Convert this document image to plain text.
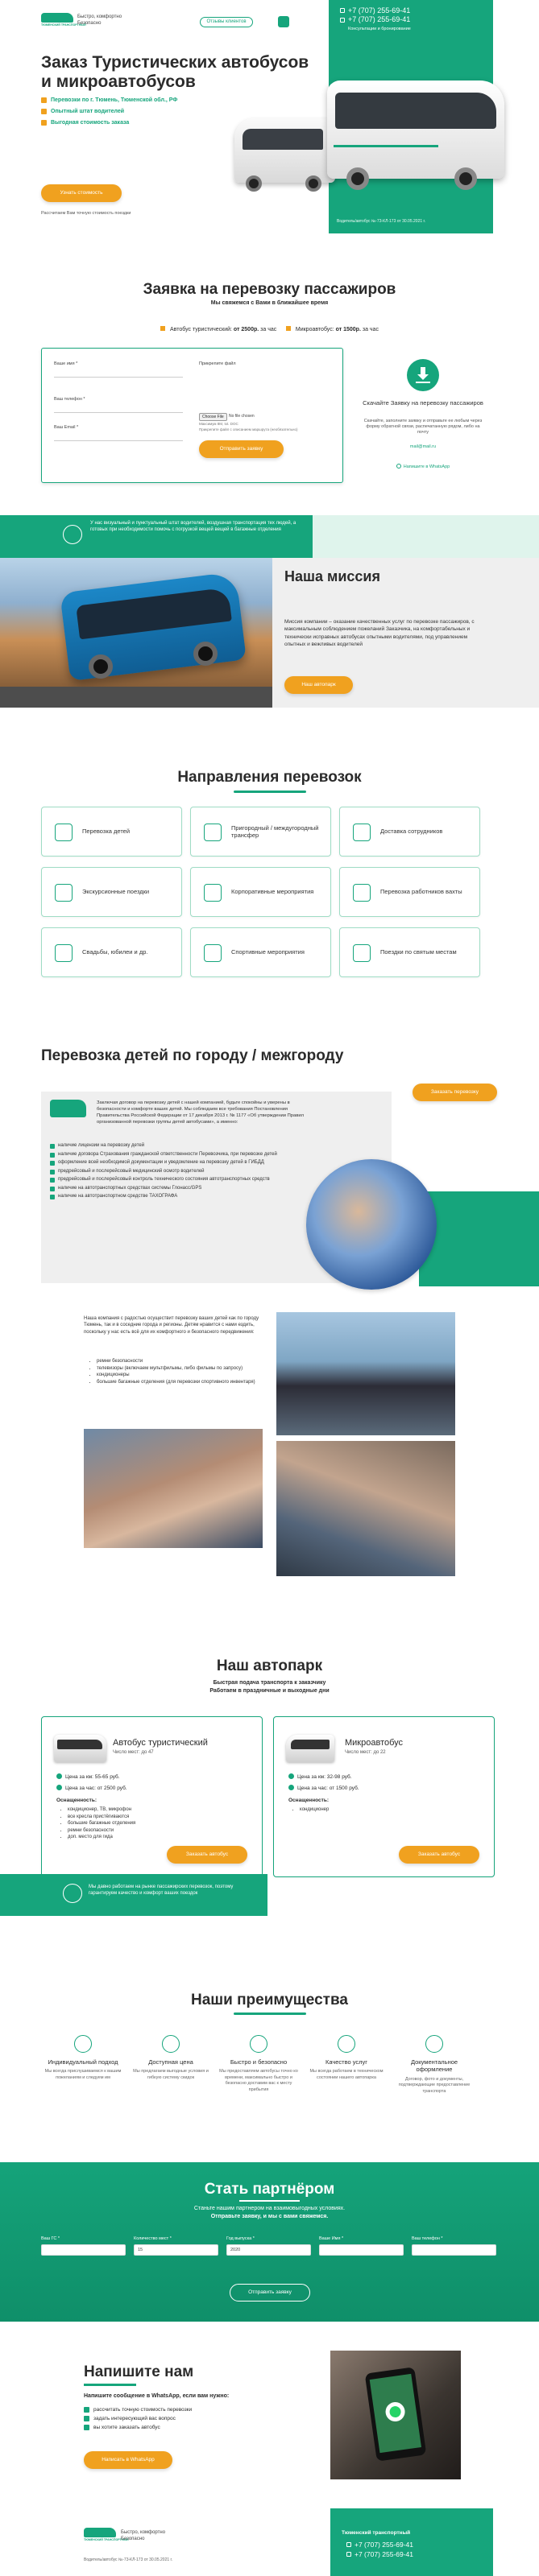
ТЮМЕНСКИЙ ТРАНСПОРТНЫЙ
Быстро, комфортно
Безопасно	Отзывы клиентов
+7 (707) 255-69-41
+7 (707) 255-69-41
Консультации и бронирование
Заказ Туристических автобусов и микроавтобусов
Перевозки по г. Тюмень, Тюменской обл., РФ
Опытный штат водителей
Выгодная стоимость заказа
Узнать стоимость
Рассчитаем Вам точную стоимость поездки
Водитель/автобус №-73-КЛ-173 от 30.05.2021 г.
Заявка на перевозку пассажиров
Мы свяжемся с Вами в ближайшее время
Автобус туристический: от 2500р. за час	Микроавтобус: от 1500р. за час
Ваше имя *
Ваш телефон *
Ваш Email *
Прикрепите файл
Choose File	No file chosen
Максимум 8М, txt. DOC
Прикрепите файл с описанием маршрута (необязательно)
Отправить заявку
Скачайте Заявку на перевозку пассажиров
Скачайте, заполните заявку и отправьте ее любым через форму обратной связи, распечатанную рядом, либо на почту
mail@mail.ru
Напишите в WhatsApp
У нас визуальный и пунктуальный штат водителей, воздушная транспортация тех людей, а готовых при необходимости помочь с погрузкой вещей вещей в багажные отделения
Наша миссия
Миссия компании – оказание качественных услуг по перевозке пассажиров, с максимальным соблюдением пожеланий Заказчика, на комфортабельных и технически исправных автобусах опытными водителями, под управлением опытных и вежливых водителей
Наш автопарк
Направления перевозок
Перевозка детей
Пригородный / междугородный трансфер
Доставка сотрудников
Экскурсионные поездки	Корпоративные мероприятия	Перевозка работников вахты
Свадьбы, юбилеи и др.	Спортивные мероприятия	Поездки по святым местам
Перевозка детей по городу / межгороду
Заказать перевозку
Заключая договор на перевозку детей с нашей компанией, будьте спокойны и уверены в безопасности и комфорте ваших детей. Мы соблюдаем все требования Постановления Правительства Российской Федерации от 17 декабря 2013 г. № 1177 «Об утверждении Правил организованной перевозки группы детей автобусами», а именно:
наличие лицензии на перевозку детей
наличие договора Страхования гражданской ответственности Перевозчика, при перевозке детей
оформление всей необходимой документации и уведомление на перевозку детей в ГИБДД
предрейсовый и послерейсовый медицинский осмотр водителей
предрейсовый и послерейсовый контроль технического состояния автотранспортных средств
наличие на автотранспортных средствах системы Глонасс/GPS
наличие на автотранспортном средстве ТАХОГРАФА
Наша компания с радостью осуществит перевозку ваших детей как по городу Тюмень, так и в соседние города и регионы. Детям нравится с нами ездить, поскольку у нас есть всё для их комфортного и безопасного передвижения:
• ремни безопасности
• телевизоры (включаем мультфильмы, либо фильмы по запросу)
• кондиционеры
• большие багажные отделения (для перевозки спортивного инвентаря)
Наш автопарк
Быстрая подача транспорта к заказчику
Работаем в праздничные и выходные дни
Автобус туристический
Число мест: до 47
Цена за км: 55-65 руб.
Цена за час: от 2500 руб.
Оснащенность:
• кондиционер, ТВ, микрофон
• все кресла пристёгиваются
• большие багажные отделения
• ремни безопасности
• доп. место для гида
Заказать автобус
Микроавтобус
Число мест: до 22
Цена за км: 32-98 руб.
Цена за час: от 1500 руб.
Оснащенность:
• кондиционер
Заказать автобус
Мы давно работаем на рынке пассажирских перевозок, поэтому гарантируем качество и комфорт ваших поездок
Наши преимущества
Индивидуальный подход
Мы всегда прислушиваемся к вашим пожеланиям и следуем им
Доступная цена
Мы предлагаем выгодные условия и гибкую систему скидок
Быстро и безопасно
Мы предоставляем автобусы точно ко времени, максимально быстро и безопасно доставим вас к месту прибытия
Качество услуг
Мы всегда работаем в техническом состоянии нашего автопарка
Документальное оформление
Договор, фото и документы, подтверждающие предоставление транспорта
Стать партнёром
Станьте нашим партнером на взаимовыгодных условиях.
Отправьте заявку, и мы с вами свяжемся.
Ваш ГС *	Количество мест *
15
Год выпуска *
2020
Ваше Имя *	Ваш телефон *
Отправить заявку
Напишите нам
Напишите сообщение в WhatsApp, если вам нужно:
рассчитать точную стоимость перевозки
задать интересующий вас вопрос
вы хотите заказать автобус
Написать в WhatsApp
ТЮМЕНСКИЙ ТРАНСПОРТНЫЙ
Быстро, комфортно
Безопасно
Водитель/автобус №-73-КЛ-173 от 30.05.2021 г.
Тюменский транспортный
+7 (707) 255-69-41
+7 (707) 255-69-41
